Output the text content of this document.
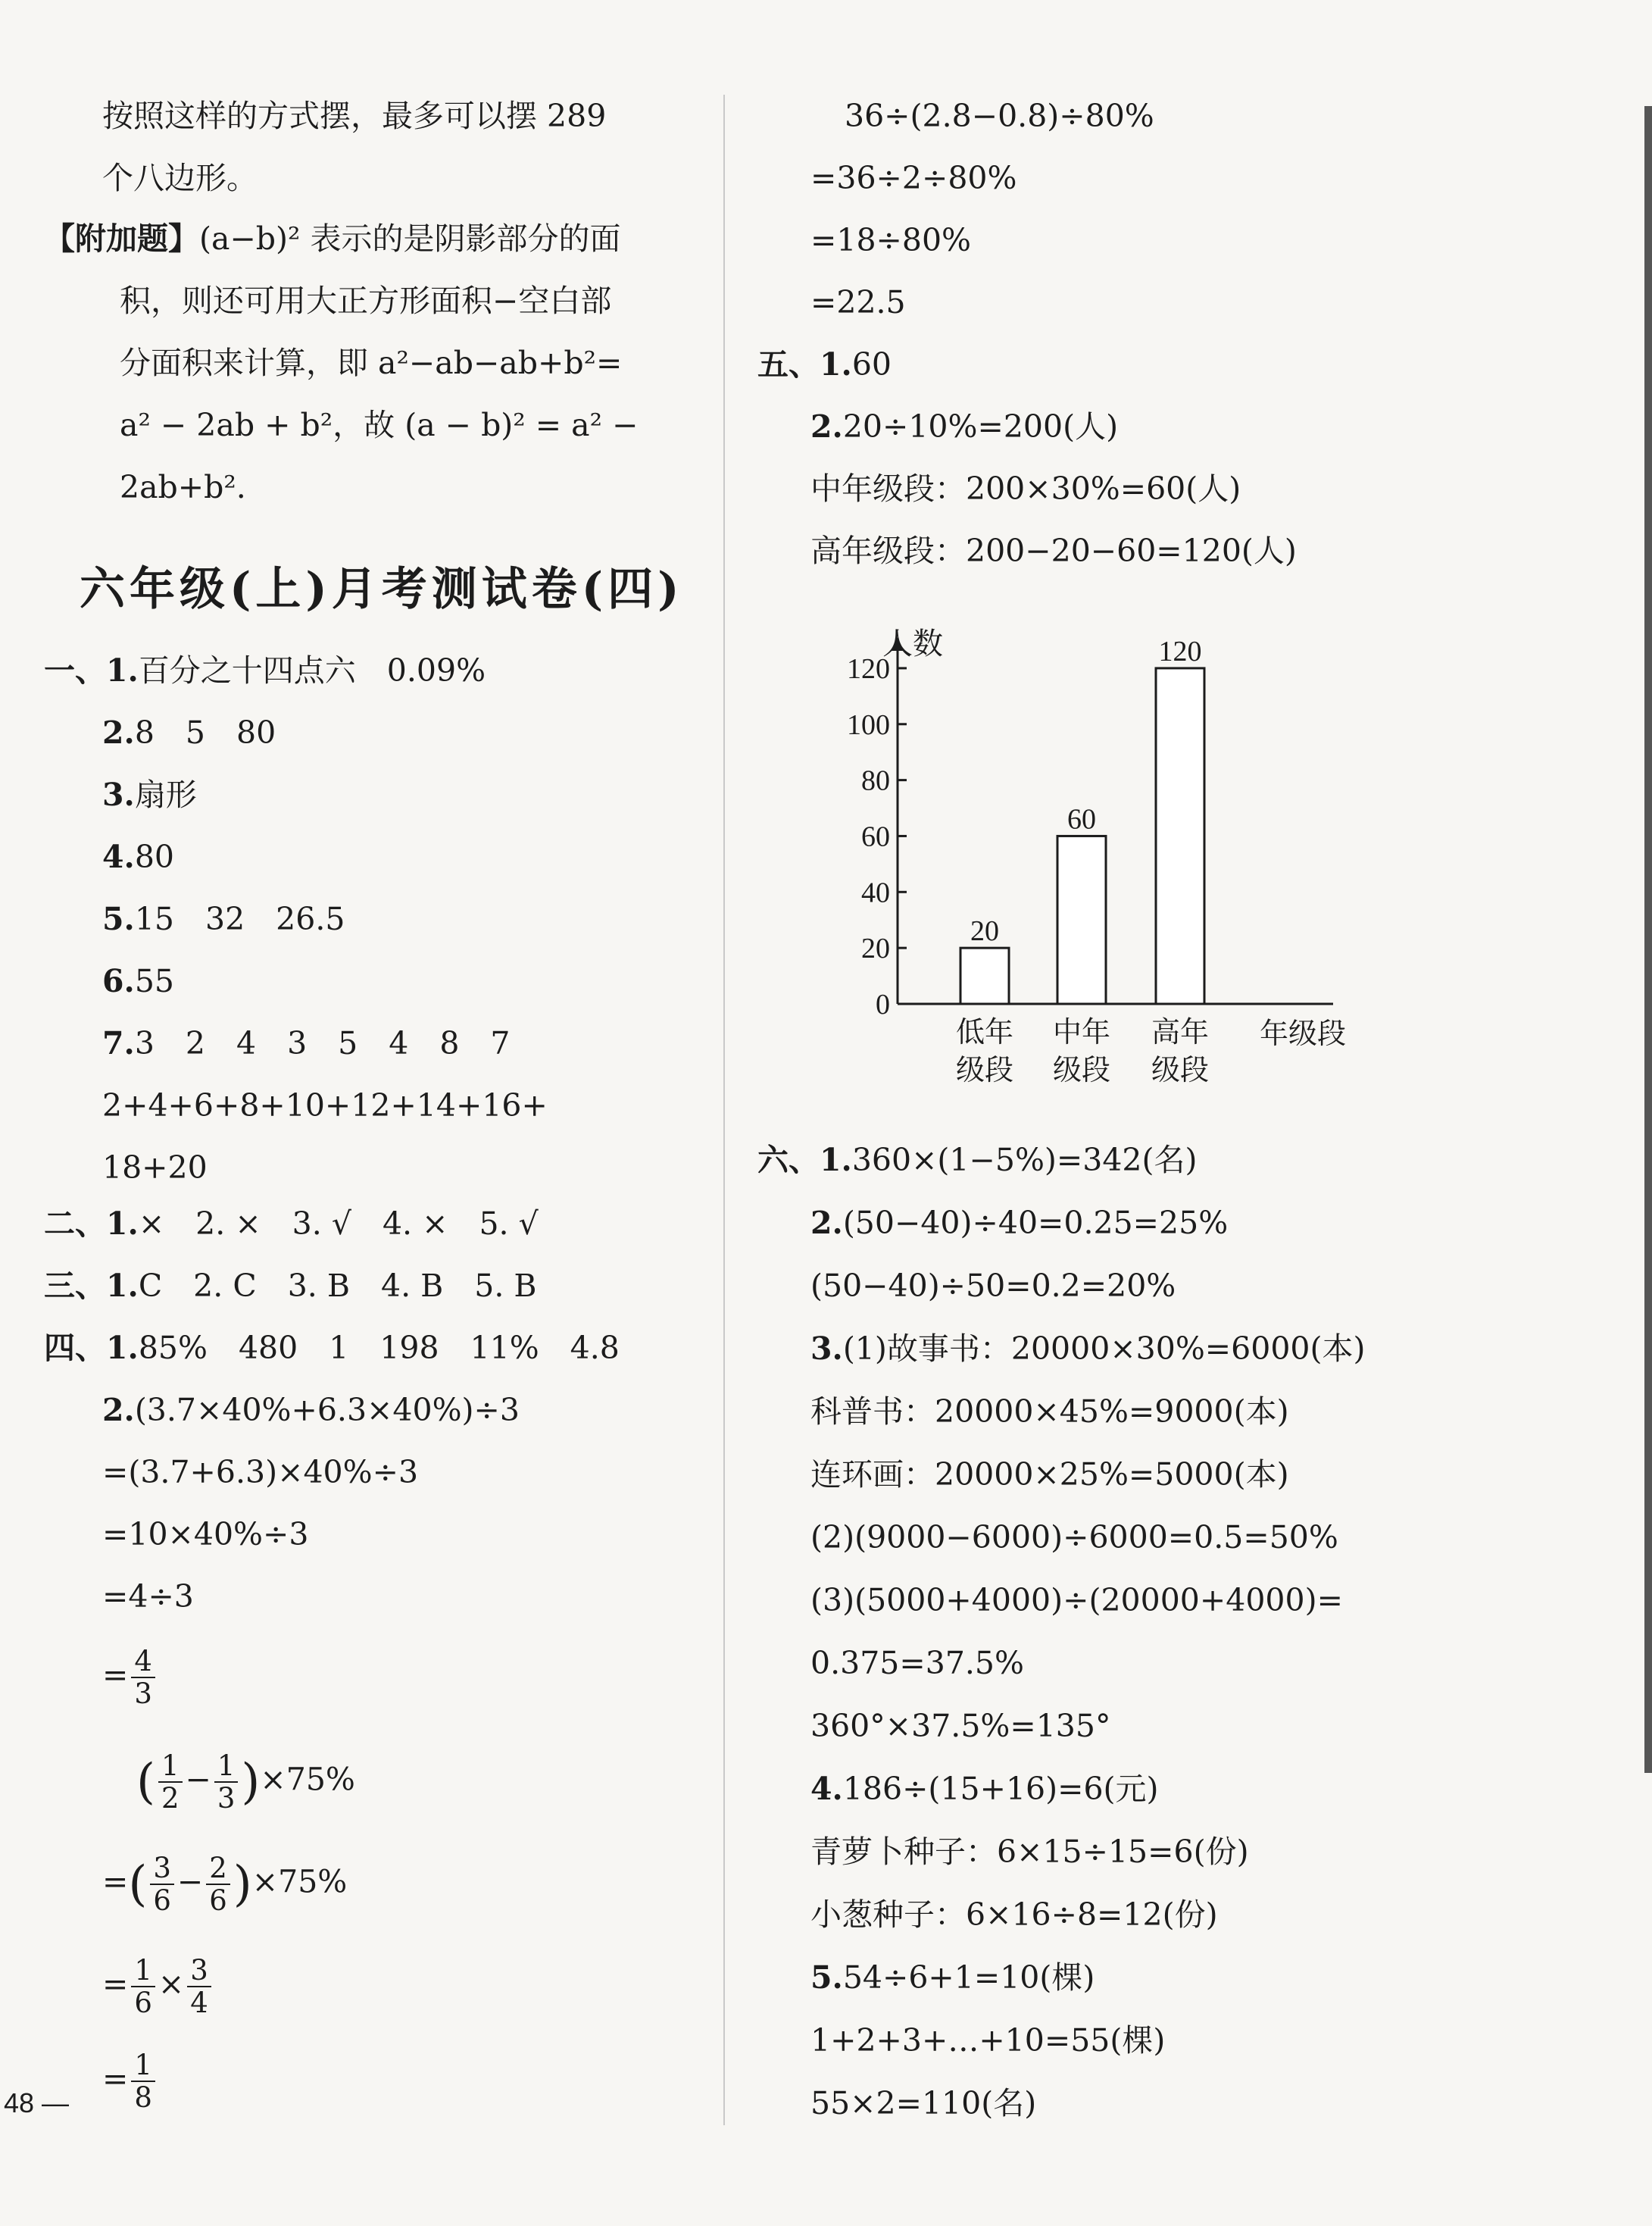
按照这样的方式摆，最多可以摆 289
个八边形。
【附加题】(a−b)² 表示的是阴影部分的面
积，则还可用大正方形面积−空白部
分面积来计算，即 a²−ab−ab+b²=
a² − 2ab + b²，故 (a − b)² = a² −
2ab+b².
六年级(上)月考测试卷(四)
一、1.百分之十四点六　0.09%
2.8　5　80
3.扇形
4.80
5.15　32　26.5
6.55
7.3　2　4　3　5　4　8　7
2+4+6+8+10+12+14+16+
18+20
二、1.×　2. ×　3. √　4. ×　5. √
三、1.C　2. C　3. B　4. B　5. B
四、1.85%　480　1　198　11%　4.8
2.(3.7×40%+6.3×40%)÷3
=(3.7+6.3)×40%÷3
=10×40%÷3
=4÷3
= $\frac{4}{3}$
( $\frac{1}{2} - \frac{1}{3} )\times 75\%$
=( $\frac{3}{6} - \frac{2}{6} )\times 75\%$
= $\frac{1}{6} \times \frac{3}{4}$
= $\frac{1}{8}$
48 —
36÷(2.8−0.8)÷80%
=36÷2÷80%
=18÷80%
=22.5
五、1.60
2.20÷10%=200(人)
中年级段：200×30%=60(人)
高年级段：200−20−60=120(人)
人数
年级段
0
20
40
60
80
100
120
20
低年
级段
60
中年
级段
120
高年
级段
六、1.360×(1−5%)=342(名)
2.(50−40)÷40=0.25=25%
(50−40)÷50=0.2=20%
3.(1)故事书：20000×30%=6000(本)
科普书：20000×45%=9000(本)
连环画：20000×25%=5000(本)
(2)(9000−6000)÷6000=0.5=50%
(3)(5000+4000)÷(20000+4000)=
0.375=37.5%
360°×37.5%=135°
4.186÷(15+16)=6(元)
青萝卜种子：6×15÷15=6(份)
小葱种子：6×16÷8=12(份)
5.54÷6+1=10(棵)
1+2+3+…+10=55(棵)
55×2=110(名)
